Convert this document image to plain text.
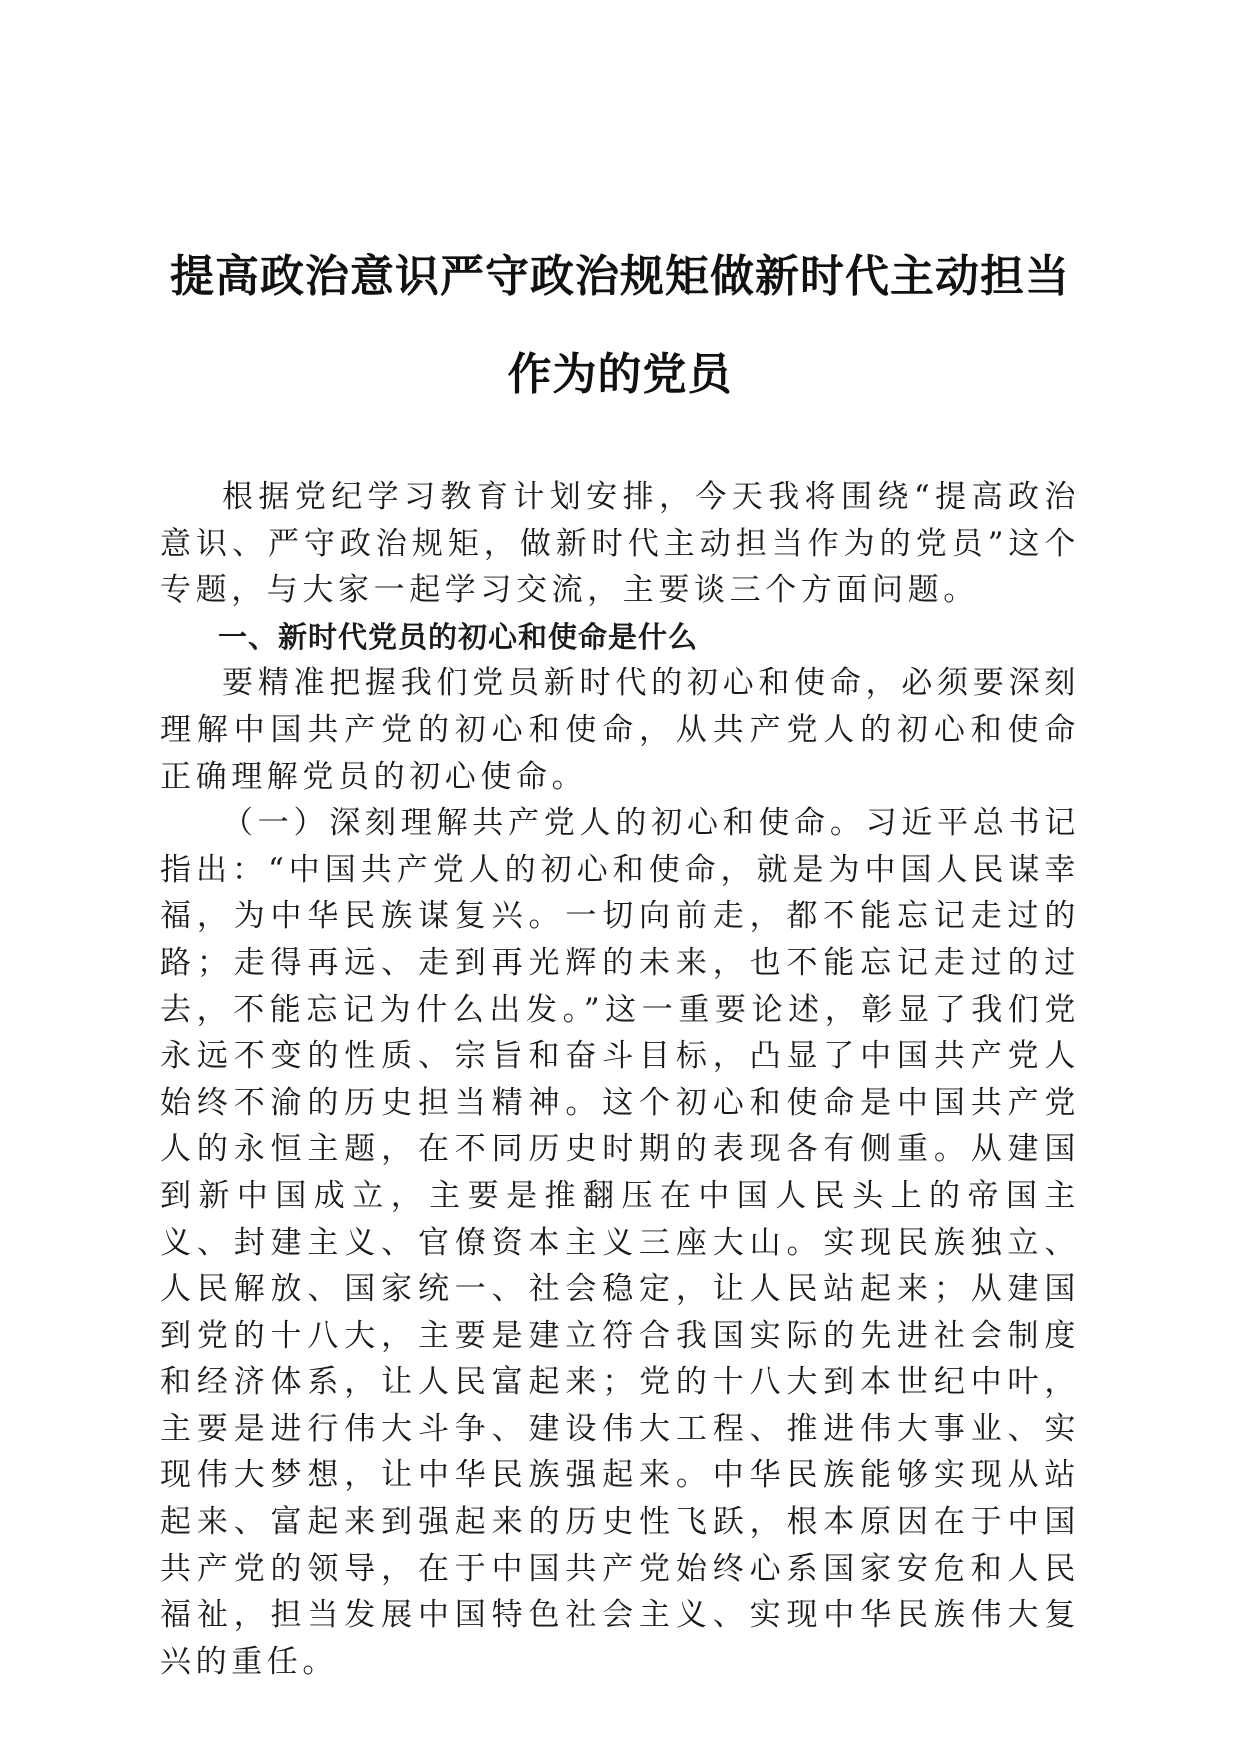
提高政治意识严守政治规矩做新时代主动担当
作为的党员

根据党纪学习教育计划安排，今天我将围绕“提高政治意识、严守政治规矩，做新时代主动担当作为的党员”这个专题，与大家一起学习交流，主要谈三个方面问题。

一、新时代党员的初心和使命是什么

要精准把握我们党员新时代的初心和使命，必须要深刻理解中国共产党的初心和使命，从共产党人的初心和使命正确理解党员的初心使命。

（一）深刻理解共产党人的初心和使命。习近平总书记指出：“中国共产党人的初心和使命，就是为中国人民谋幸福，为中华民族谋复兴。一切向前走，都不能忘记走过的路；走得再远、走到再光辉的未来，也不能忘记走过的过去，不能忘记为什么出发。”这一重要论述，彰显了我们党永远不变的性质、宗旨和奋斗目标，凸显了中国共产党人始终不渝的历史担当精神。这个初心和使命是中国共产党人的永恒主题，在不同历史时期的表现各有侧重。从建国到新中国成立，主要是推翻压在中国人民头上的帝国主义、封建主义、官僚资本主义三座大山。实现民族独立、人民解放、国家统一、社会稳定，让人民站起来；从建国到党的十八大，主要是建立符合我国实际的先进社会制度和经济体系，让人民富起来；党的十八大到本世纪中叶，主要是进行伟大斗争、建设伟大工程、推进伟大事业、实现伟大梦想，让中华民族强起来。中华民族能够实现从站起来、富起来到强起来的历史性飞跃，根本原因在于中国共产党的领导，在于中国共产党始终心系国家安危和人民福祉，担当发展中国特色社会主义、实现中华民族伟大复兴的重任。
